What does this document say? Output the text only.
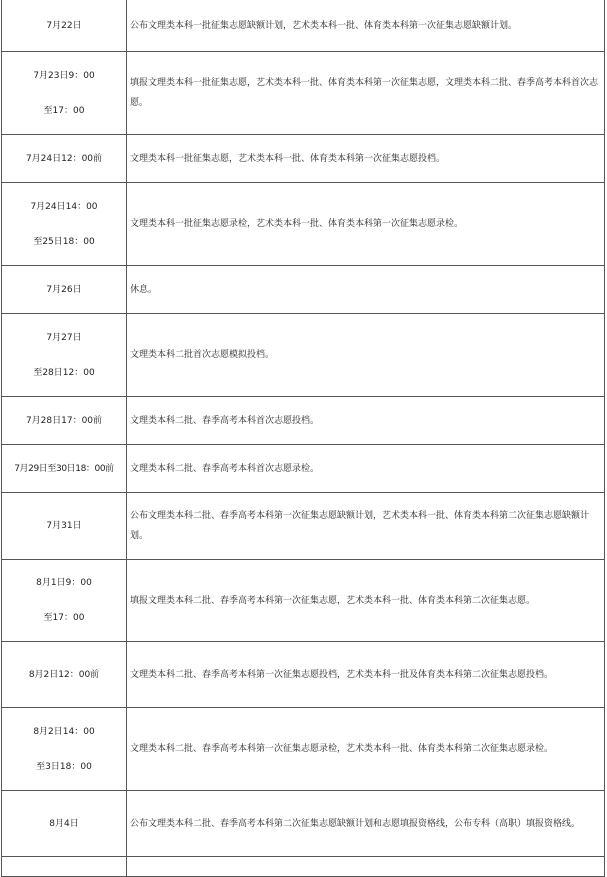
7月22日	公布文理类本科一批征集志愿缺额计划，艺术类本科一批、体育类本科第一次征集志愿缺额计划。

7月23日9：00
至17：00	填报文理类本科一批征集志愿，艺术类本科一批、体育类本科第一次征集志愿，文理类本科二批、春季高考本科首次志愿。

7月24日12：00前	文理类本科一批征集志愿，艺术类本科一批、体育类本科第一次征集志愿投档。

7月24日14：00
至25日18：00	文理类本科一批征集志愿录检，艺术类本科一批、体育类本科第一次征集志愿录检。

7月26日	休息。

7月27日
至28日12：00	文理类本科二批首次志愿模拟投档。

7月28日17：00前	文理类本科二批、春季高考本科首次志愿投档。

7月29日至30日18：00前	文理类本科二批、春季高考本科首次志愿录检。

7月31日	公布文理类本科二批、春季高考本科第一次征集志愿缺额计划，艺术类本科一批、体育类本科第二次征集志愿缺额计划。

8月1日9：00
至17：00	填报文理类本科二批、春季高考本科第一次征集志愿，艺术类本科一批、体育类本科第二次征集志愿。

8月2日12：00前	文理类本科二批、春季高考本科第一次征集志愿投档，艺术类本科一批及体育类本科第二次征集志愿投档。

8月2日14：00
至3日18：00	文理类本科二批、春季高考本科第一次征集志愿录检，艺术类本科一批、体育类本科第二次征集志愿录检。

8月4日	公布文理类本科二批、春季高考本科第二次征集志愿缺额计划和志愿填报资格线，公布专科（高职）填报资格线。
